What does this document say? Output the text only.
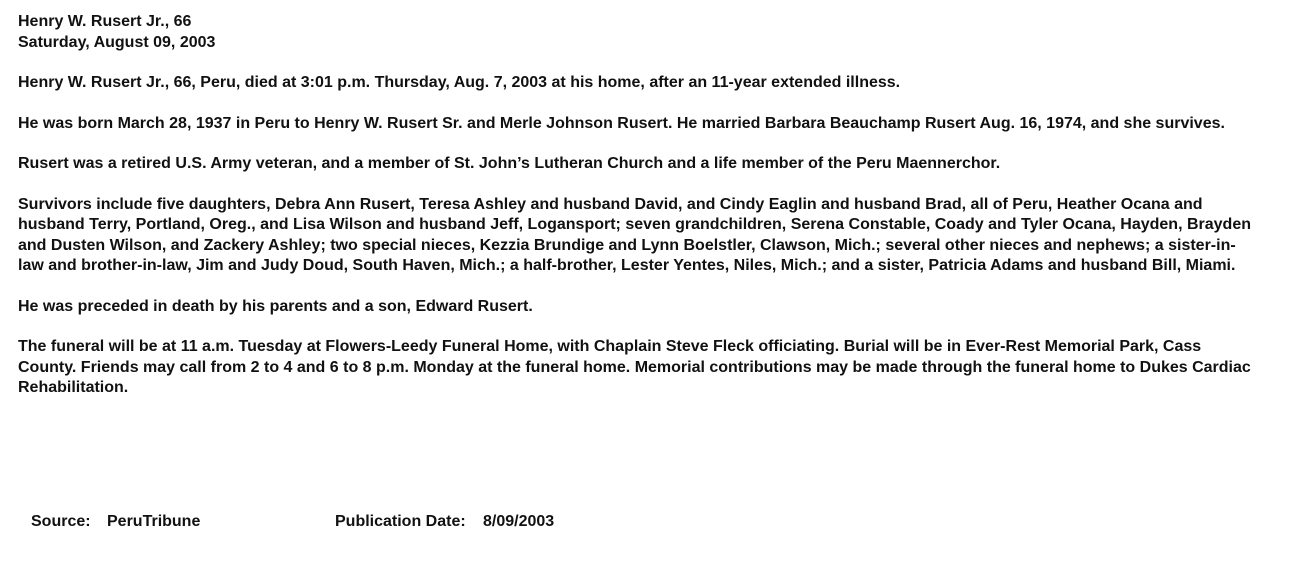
Henry W. Rusert Jr., 66

Saturday, August 09, 2003

Henry W. Rusert Jr., 66, Peru, died at 3:01 p.m. Thursday, Aug. 7, 2003 at his home, after an 11-year extended illness.

He was born March 28, 1937 in Peru to Henry W. Rusert Sr. and Merle Johnson Rusert. He married Barbara Beauchamp Rusert Aug. 16, 1974, and she survives.

Rusert was a retired U.S. Army veteran, and a member of St. John’s Lutheran Church and a life member of the Peru Maennerchor.

Survivors include five daughters, Debra Ann Rusert, Teresa Ashley and husband David, and Cindy Eaglin and husband Brad, all of Peru, Heather Ocana and husband Terry, Portland, Oreg., and Lisa Wilson and husband Jeff, Logansport; seven grandchildren, Serena Constable, Coady and Tyler Ocana, Hayden, Brayden and Dusten Wilson, and Zackery Ashley; two special nieces, Kezzia Brundige and Lynn Boelstler, Clawson, Mich.; several other nieces and nephews; a sister-in-law and brother-in-law, Jim and Judy Doud, South Haven, Mich.; a half-brother, Lester Yentes, Niles, Mich.; and a sister, Patricia Adams and husband Bill, Miami.

He was preceded in death by his parents and a son, Edward Rusert.

The funeral will be at 11 a.m. Tuesday at Flowers-Leedy Funeral Home, with Chaplain Steve Fleck officiating. Burial will be in Ever-Rest Memorial Park, Cass County. Friends may call from 2 to 4 and 6 to 8 p.m. Monday at the funeral home. Memorial contributions may be made through the funeral home to Dukes Cardiac Rehabilitation.

Source: PeruTribune	Publication Date: 8/09/2003
